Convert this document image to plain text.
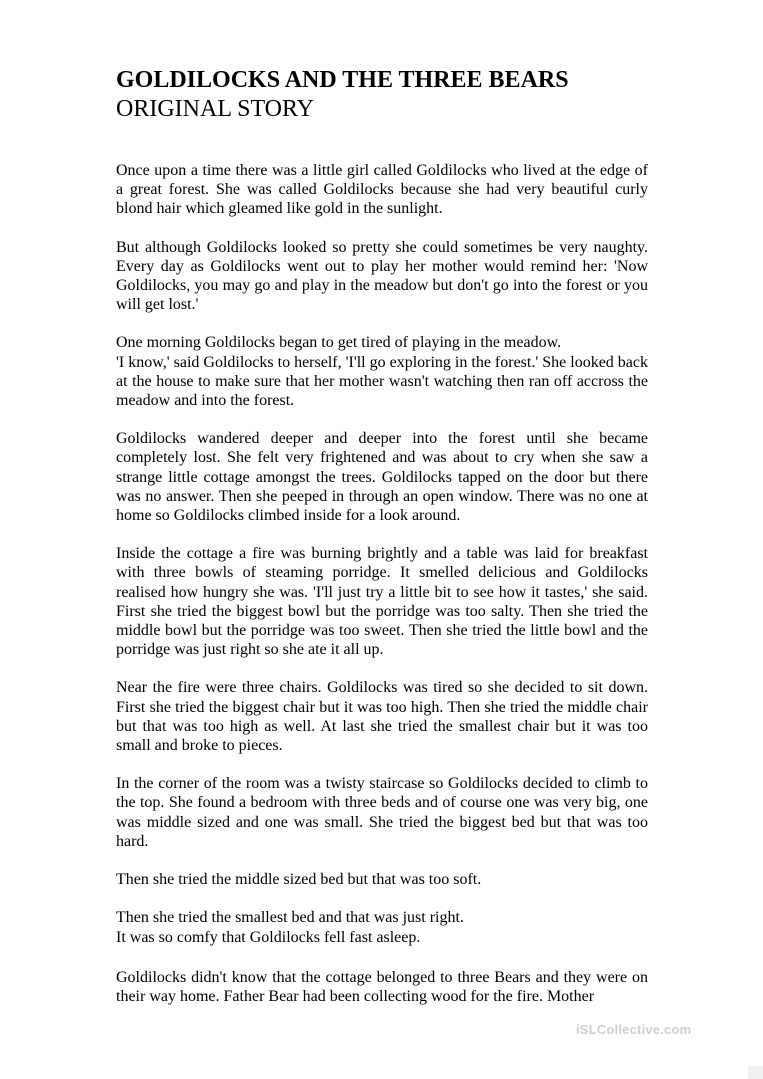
GOLDILOCKS AND THE THREE BEARS
ORIGINAL STORY

Once upon a time there was a little girl called Goldilocks who lived at the edge of a great forest. She was called Goldilocks because she had very beautiful curly blond hair which gleamed like gold in the sunlight.

But although Goldilocks looked so pretty she could sometimes be very naughty. Every day as Goldilocks went out to play her mother would remind her: 'Now Goldilocks, you may go and play in the meadow but don't go into the forest or you will get lost.'

One morning Goldilocks began to get tired of playing in the meadow.

'I know,' said Goldilocks to herself, 'I'll go exploring in the forest.' She looked back at the house to make sure that her mother wasn't watching then ran off accross the meadow and into the forest.

Goldilocks wandered deeper and deeper into the forest until she became completely lost. She felt very frightened and was about to cry when she saw a strange little cottage amongst the trees. Goldilocks tapped on the door but there was no answer. Then she peeped in through an open window. There was no one at home so Goldilocks climbed inside for a look around.

Inside the cottage a fire was burning brightly and a table was laid for breakfast with three bowls of steaming porridge. It smelled delicious and Goldilocks realised how hungry she was. 'I'll just try a little bit to see how it tastes,' she said. First she tried the biggest bowl but the porridge was too salty. Then she tried the middle bowl but the porridge was too sweet. Then she tried the little bowl and the porridge was just right so she ate it all up.

Near the fire were three chairs. Goldilocks was tired so she decided to sit down. First she tried the biggest chair but it was too high. Then she tried the middle chair but that was too high as well. At last she tried the smallest chair but it was too small and broke to pieces.

In the corner of the room was a twisty staircase so Goldilocks decided to climb to the top. She found a bedroom with three beds and of course one was very big, one was middle sized and one was small. She tried the biggest bed but that was too hard.

Then she tried the middle sized bed but that was too soft.

Then she tried the smallest bed and that was just right.

It was so comfy that Goldilocks fell fast asleep.

Goldilocks didn't know that the cottage belonged to three Bears and they were on their way home. Father Bear had been collecting wood for the fire. Mother

iSLCollective.com
